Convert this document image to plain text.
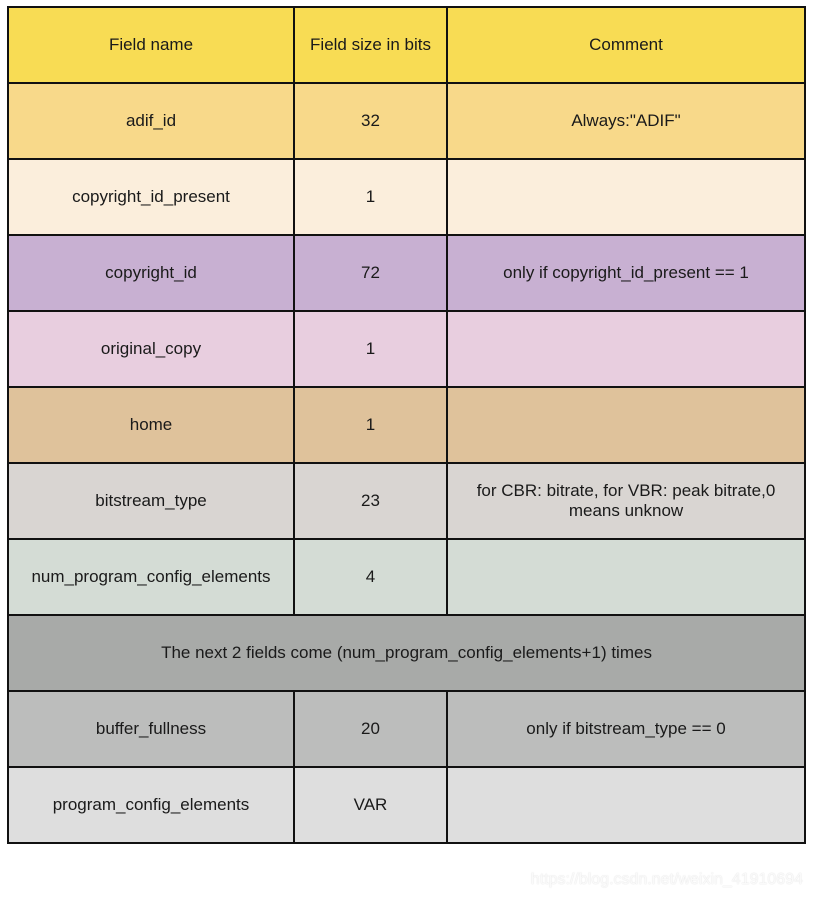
Field name	Field size in bits	Comment
adif_id	32	Always:"ADIF"
copyright_id_present	1	
copyright_id	72	only if copyright_id_present == 1
original_copy	1	
home	1	
bitstream_type	23	for CBR: bitrate, for VBR: peak bitrate,0 means unknow
num_program_config_elements	4	
The next 2 fields come (num_program_config_elements+1) times		
buffer_fullness	20	only if bitstream_type == 0
program_config_elements	VAR	
https://blog.csdn.net/weixin_41910694
